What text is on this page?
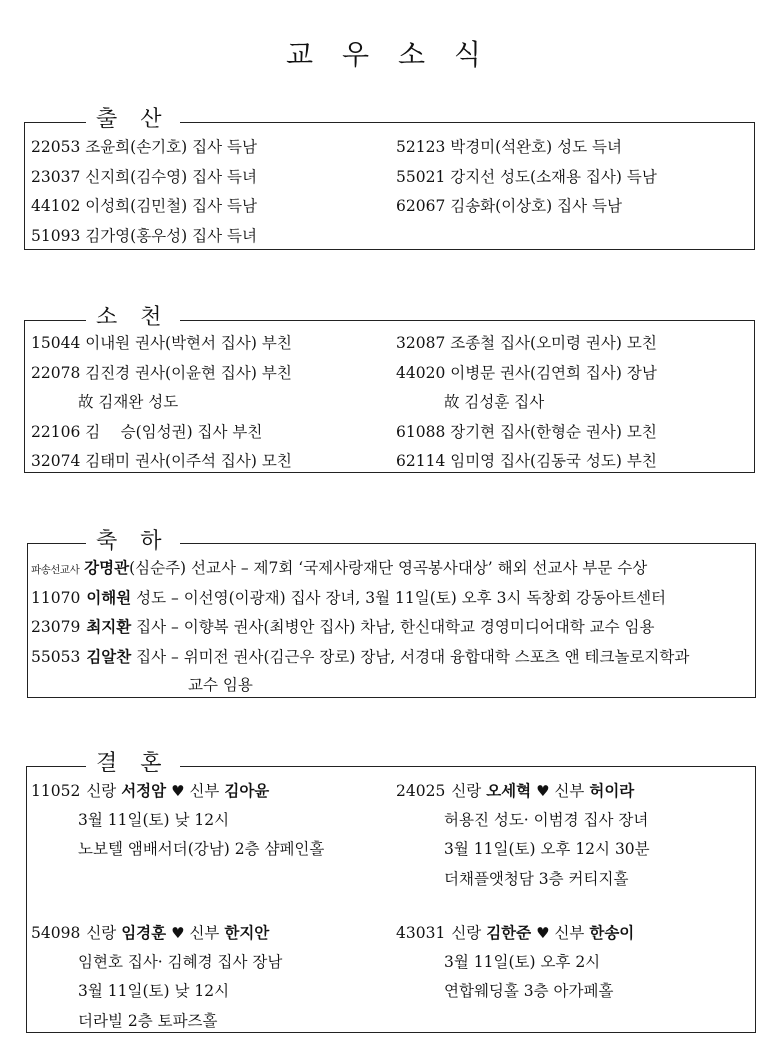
교 우 소 식
출 산
22053 조윤희(손기호) 집사 득남
23037 신지희(김수영) 집사 득녀
44102 이성희(김민철) 집사 득남
51093 김가영(홍우성) 집사 득녀
52123 박경미(석완호) 성도 득녀
55021 강지선 성도(소재용 집사) 득남
62067 김송화(이상호) 집사 득남
소 천
15044 이내원 권사(박현서 집사) 부친
22078 김진경 권사(이윤현 집사) 부친
故 김재완 성도
22106 김　 승(임성권) 집사 부친
32074 김태미 권사(이주석 집사) 모친
32087 조종철 집사(오미령 권사) 모친
44020 이병문 권사(김연희 집사) 장남
故 김성훈 집사
61088 장기현 집사(한형순 권사) 모친
62114 임미영 집사(김동국 성도) 부친
축 하
파송선교사 강명관(심순주) 선교사 – 제7회 ‘국제사랑재단 영곡봉사대상’ 해외 선교사 부문 수상
11070 이해원 성도 – 이선영(이광재) 집사 장녀, 3월 11일(토) 오후 3시 독창회 강동아트센터
23079 최지환 집사 – 이향복 권사(최병안 집사) 차남, 한신대학교 경영미디어대학 교수 임용
55053 김알찬 집사 – 위미전 권사(김근우 장로) 장남, 서경대 융합대학 스포츠 앤 테크놀로지학과
교수 임용
결 혼
11052 신랑 서정암 ♥ 신부 김아윤
3월 11일(토) 낮 12시
노보텔 앰배서더(강남) 2층 샴페인홀
24025 신랑 오세혁 ♥ 신부 허이라
허용진 성도· 이범경 집사 장녀
3월 11일(토) 오후 12시 30분
더채플앳청담 3층 커티지홀
54098 신랑 임경훈 ♥ 신부 한지안
임현호 집사· 김혜경 집사 장남
3월 11일(토) 낮 12시
더라빌 2층 토파즈홀
43031 신랑 김한준 ♥ 신부 한송이
3월 11일(토) 오후 2시
연합웨딩홀 3층 아가페홀
